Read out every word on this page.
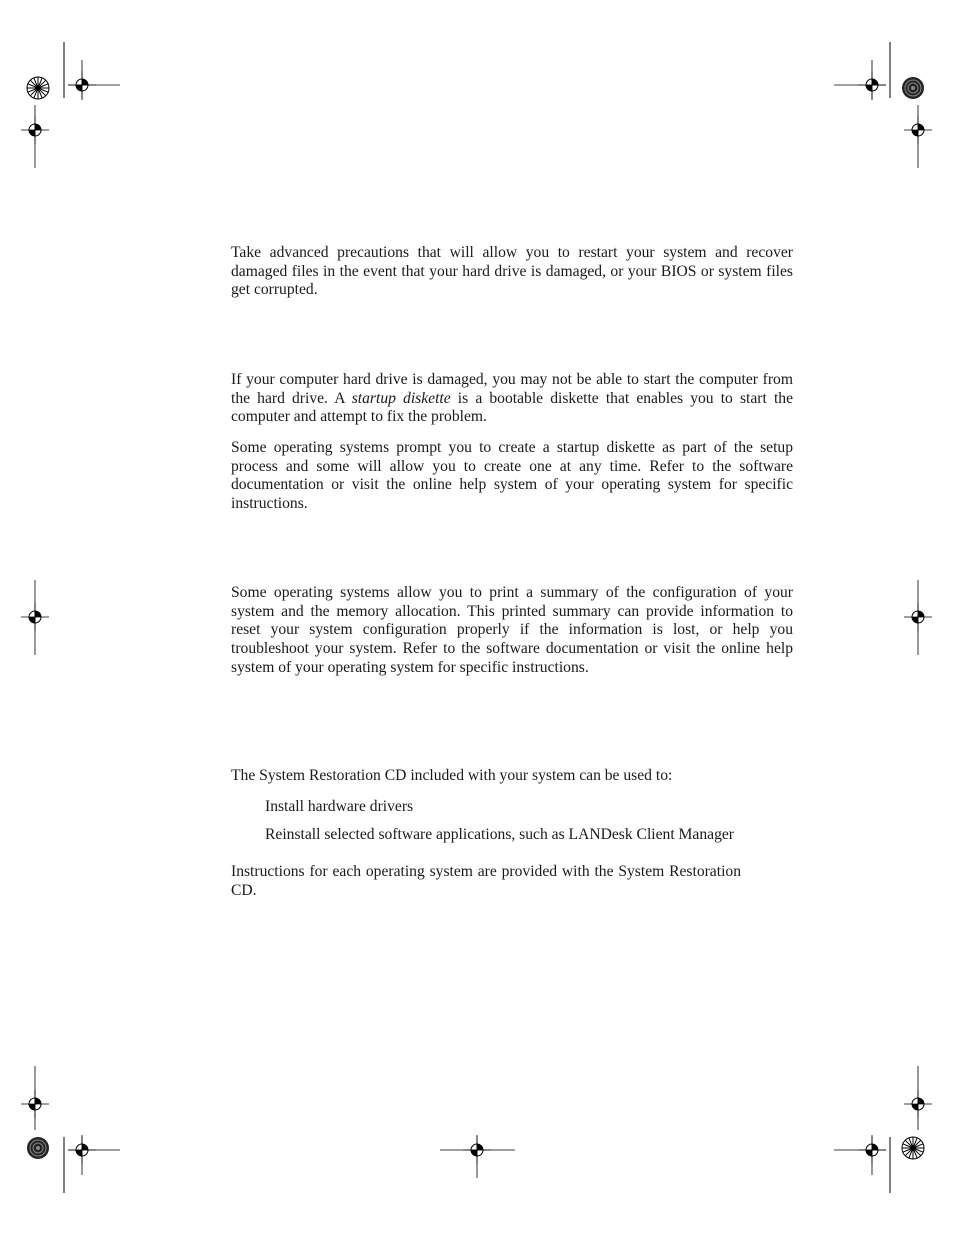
Take advanced precautions that will allow you to restart your system and recover damaged files in the event that your hard drive is damaged, or your BIOS or system files get corrupted.

If your computer hard drive is damaged, you may not be able to start the computer from the hard drive. A startup diskette is a bootable diskette that enables you to start the computer and attempt to fix the problem.

Some operating systems prompt you to create a startup diskette as part of the setup process and some will allow you to create one at any time. Refer to the software documentation or visit the online help system of your operating system for specific instructions.

Some operating systems allow you to print a summary of the configuration of your system and the memory allocation. This printed summary can provide information to reset your system configuration properly if the information is lost, or help you troubleshoot your system. Refer to the software documentation or visit the online help system of your operating system for specific instructions.

The System Restoration CD included with your system can be used to:

Install hardware drivers

Reinstall selected software applications, such as LANDesk Client Manager

Instructions for each operating system are provided with the System Restoration CD.
